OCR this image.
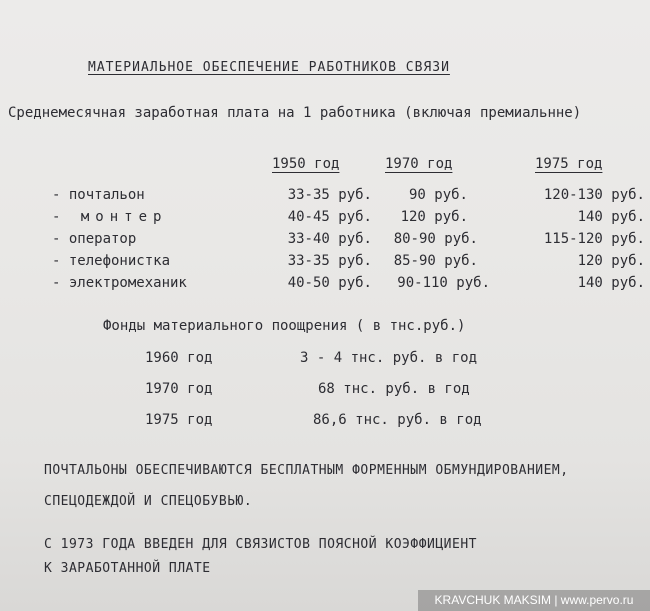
МАТЕРИАЛЬНОЕ ОБЕСПЕЧЕНИЕ РАБОТНИКОВ СВЯЗИ
Среднемесячная заработная плата на 1 работника (включая премиальнне)
1950 год	1970 год	1975 год
- почтальон	33-35 руб.	90 руб.	120-130 руб.
- монтер	40-45 руб.	120 руб.	140 руб.
- оператор	33-40 руб.	80-90 руб.	115-120 руб.
- телефонистка	33-35 руб.	85-90 руб.	120 руб.
- электромеханик	40-50 руб.	90-110 руб.	140 руб.
Фонды материального поощрения ( в тнс.руб.)
1960 год	3 - 4 тнс. руб. в год
1970 год	68 тнс. руб. в год
1975 год	86,6 тнс. руб. в год
ПОЧТАЛЬОНЫ ОБЕСПЕЧИВАЮТСЯ БЕСПЛАТНЫМ ФОРМЕННЫМ ОБМУНДИРОВАНИЕМ,
СПЕЦОДЕЖДОЙ И СПЕЦОБУВЬЮ.
С 1973 ГОДА ВВЕДЕН ДЛЯ СВЯЗИСТОВ ПОЯСНОЙ КОЭФФИЦИЕНТ
К ЗАРАБОТАННОЙ ПЛАТЕ
KRAVCHUK MAKSIM | www.pervo.ru
